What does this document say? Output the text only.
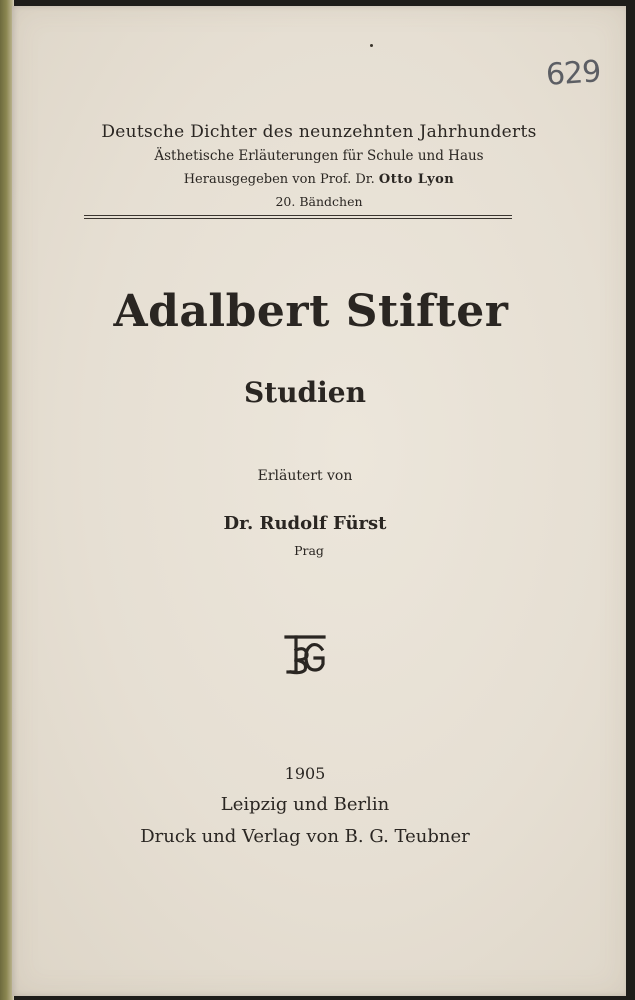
629
Deutsche Dichter des neunzehnten Jahrhunderts
Ästhetische Erläuterungen für Schule und Haus
Herausgegeben von Prof. Dr. Otto Lyon
20. Bändchen
Adalbert Stifter
Studien
Erläutert von
Dr. Rudolf Fürst
Prag
1905
Leipzig und Berlin
Druck und Verlag von B. G. Teubner
